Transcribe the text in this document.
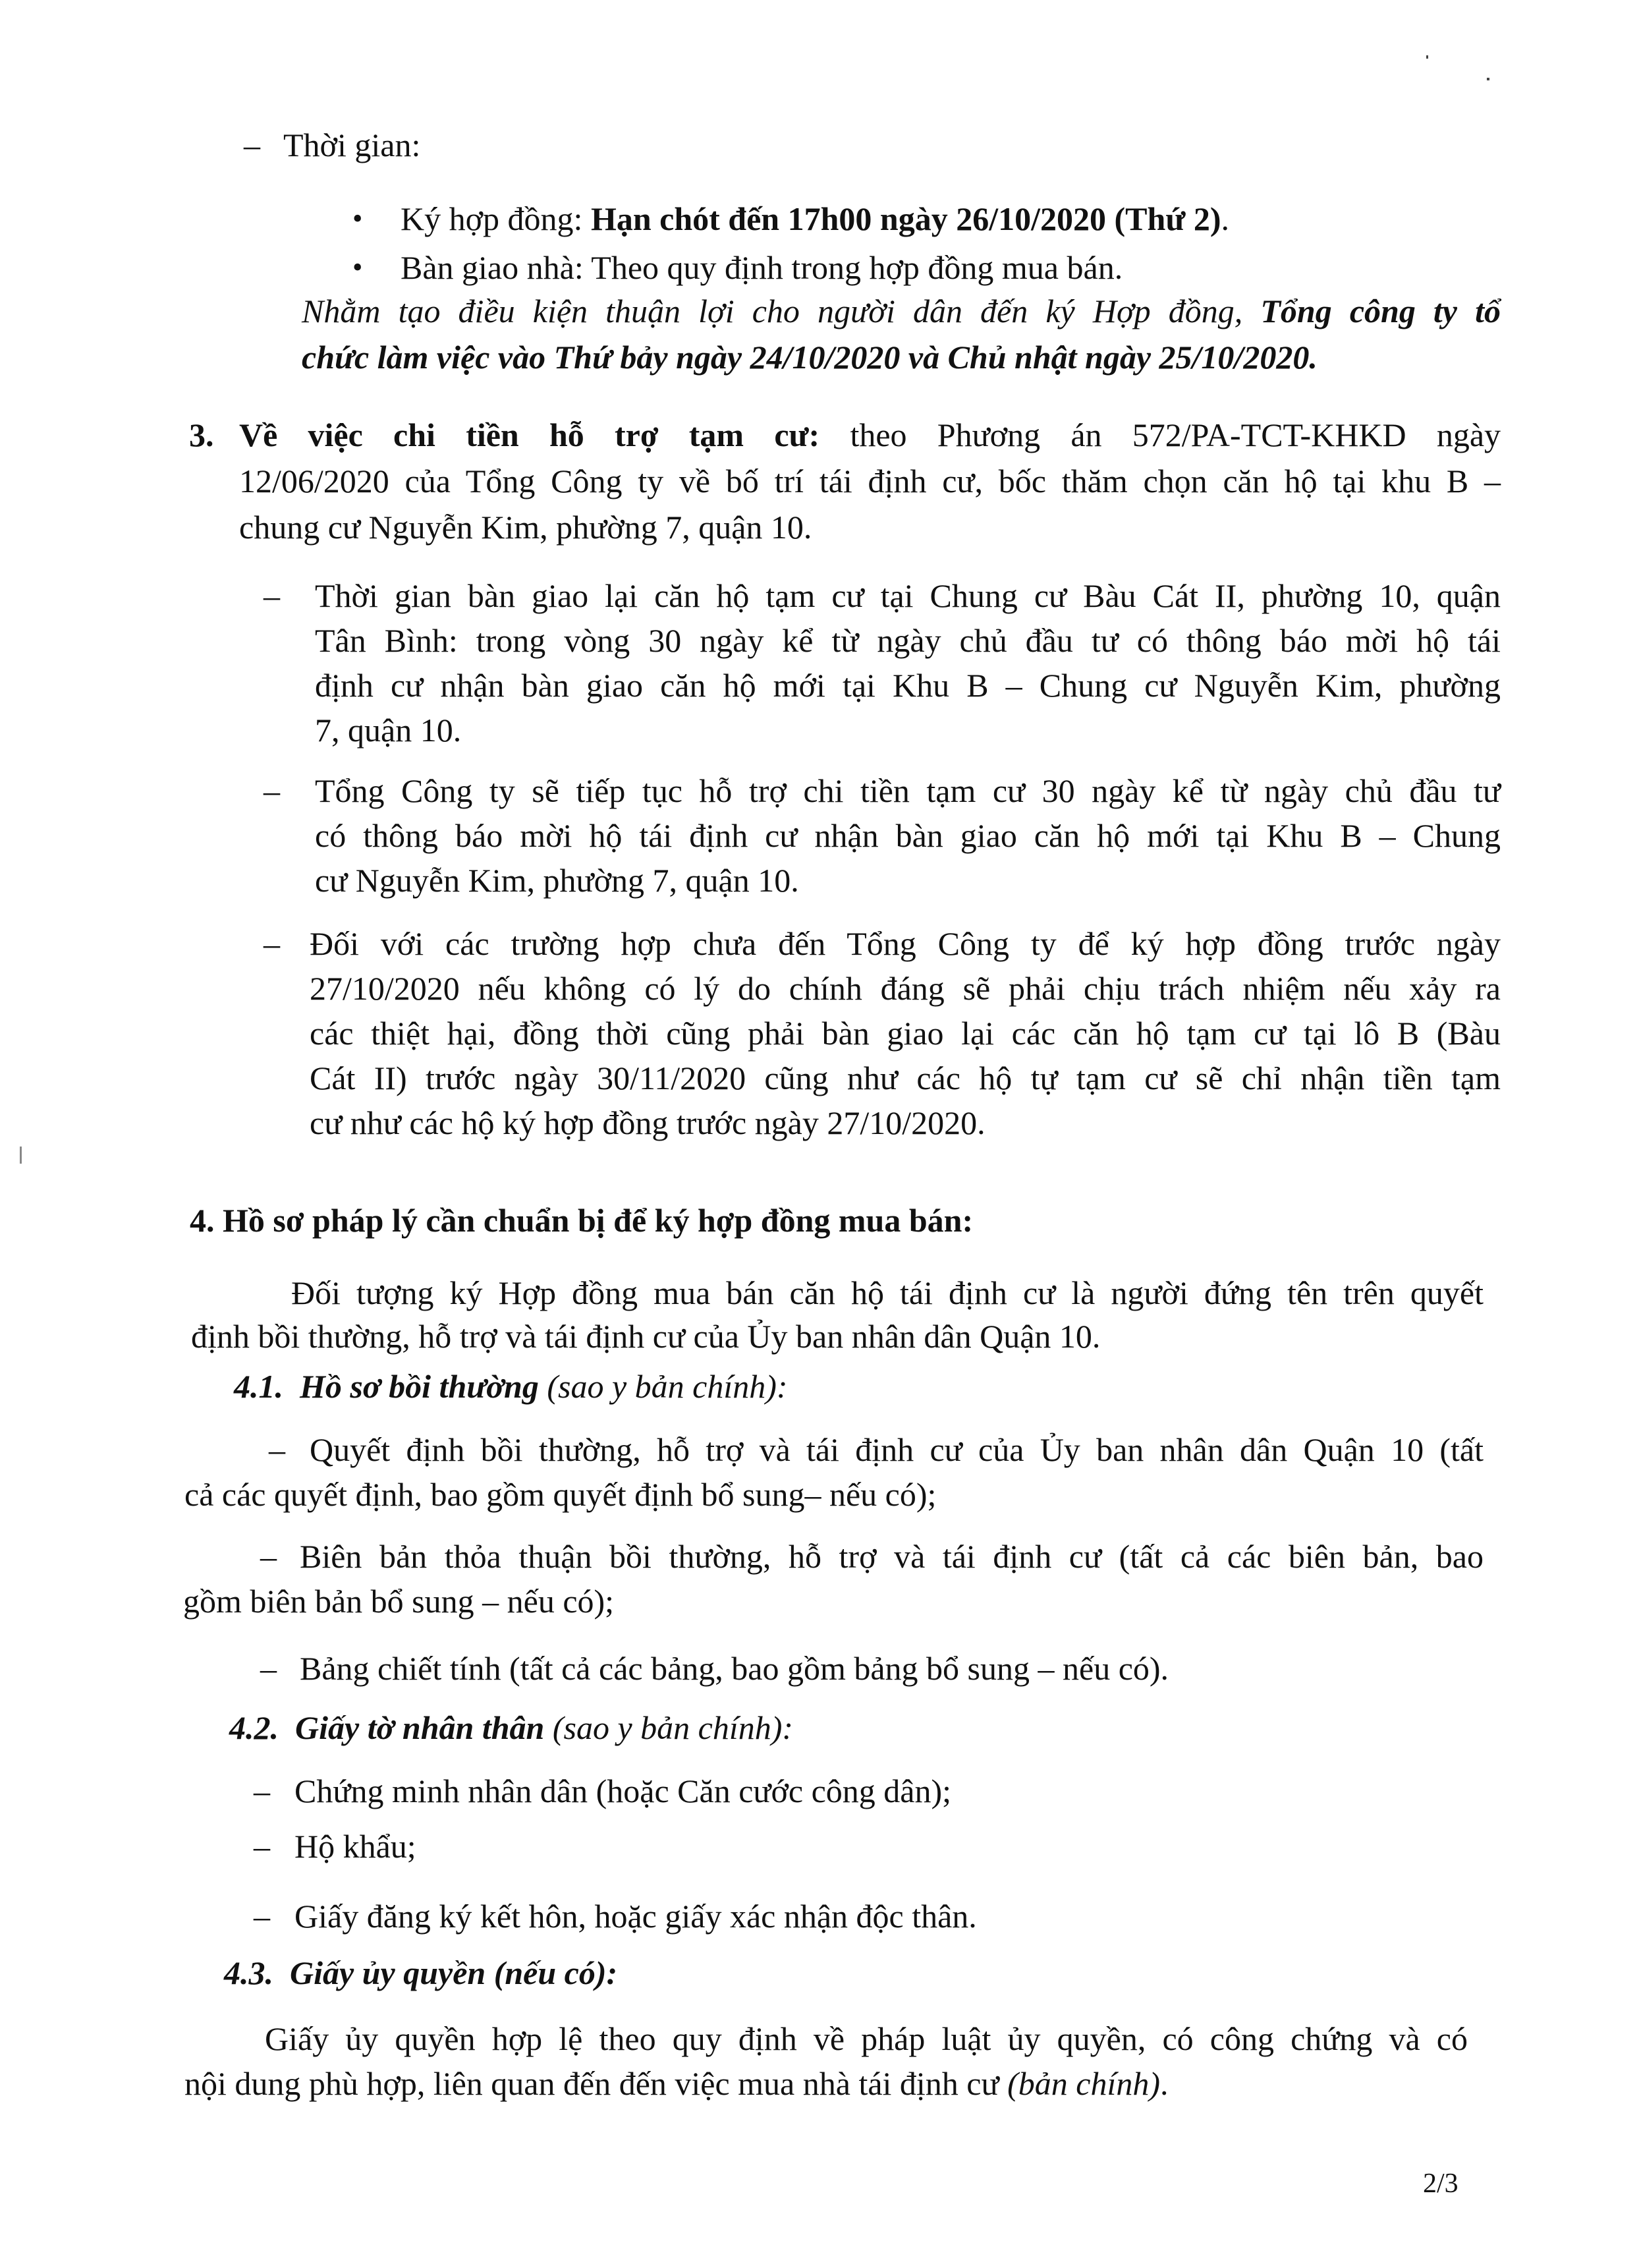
– Thời gian:
• Ký hợp đồng: Hạn chót đến 17h00 ngày 26/10/2020 (Thứ 2).
• Bàn giao nhà: Theo quy định trong hợp đồng mua bán.
Nhằm tạo điều kiện thuận lợi cho người dân đến ký Hợp đồng, Tổng công ty tổ
chức làm việc vào Thứ bảy ngày 24/10/2020 và Chủ nhật ngày 25/10/2020.
3. Về việc chi tiền hỗ trợ tạm cư: theo Phương án 572/PA-TCT-KHKD ngày
12/06/2020 của Tổng Công ty về bố trí tái định cư, bốc thăm chọn căn hộ tại khu B –
chung cư Nguyễn Kim, phường 7, quận 10.
– Thời gian bàn giao lại căn hộ tạm cư tại Chung cư Bàu Cát II, phường 10, quận
Tân Bình: trong vòng 30 ngày kể từ ngày chủ đầu tư có thông báo mời hộ tái
định cư nhận bàn giao căn hộ mới tại Khu B – Chung cư Nguyễn Kim, phường
7, quận 10.
– Tổng Công ty sẽ tiếp tục hỗ trợ chi tiền tạm cư 30 ngày kể từ ngày chủ đầu tư
có thông báo mời hộ tái định cư nhận bàn giao căn hộ mới tại Khu B – Chung
cư Nguyễn Kim, phường 7, quận 10.
– Đối với các trường hợp chưa đến Tổng Công ty để ký hợp đồng trước ngày
27/10/2020 nếu không có lý do chính đáng sẽ phải chịu trách nhiệm nếu xảy ra
các thiệt hại, đồng thời cũng phải bàn giao lại các căn hộ tạm cư tại lô B (Bàu
Cát II) trước ngày 30/11/2020 cũng như các hộ tự tạm cư sẽ chỉ nhận tiền tạm
cư như các hộ ký hợp đồng trước ngày 27/10/2020.
4. Hồ sơ pháp lý cần chuẩn bị để ký hợp đồng mua bán:
Đối tượng ký Hợp đồng mua bán căn hộ tái định cư là người đứng tên trên quyết
định bồi thường, hỗ trợ và tái định cư của Ủy ban nhân dân Quận 10.
4.1. Hồ sơ bồi thường (sao y bản chính):
– Quyết định bồi thường, hỗ trợ và tái định cư của Ủy ban nhân dân Quận 10 (tất
cả các quyết định, bao gồm quyết định bổ sung– nếu có);
– Biên bản thỏa thuận bồi thường, hỗ trợ và tái định cư (tất cả các biên bản, bao
gồm biên bản bổ sung – nếu có);
– Bảng chiết tính (tất cả các bảng, bao gồm bảng bổ sung – nếu có).
4.2. Giấy tờ nhân thân (sao y bản chính):
– Chứng minh nhân dân (hoặc Căn cước công dân);
– Hộ khẩu;
– Giấy đăng ký kết hôn, hoặc giấy xác nhận độc thân.
4.3. Giấy ủy quyền (nếu có):
Giấy ủy quyền hợp lệ theo quy định về pháp luật ủy quyền, có công chứng và có
nội dung phù hợp, liên quan đến đến việc mua nhà tái định cư (bản chính).
2/3
